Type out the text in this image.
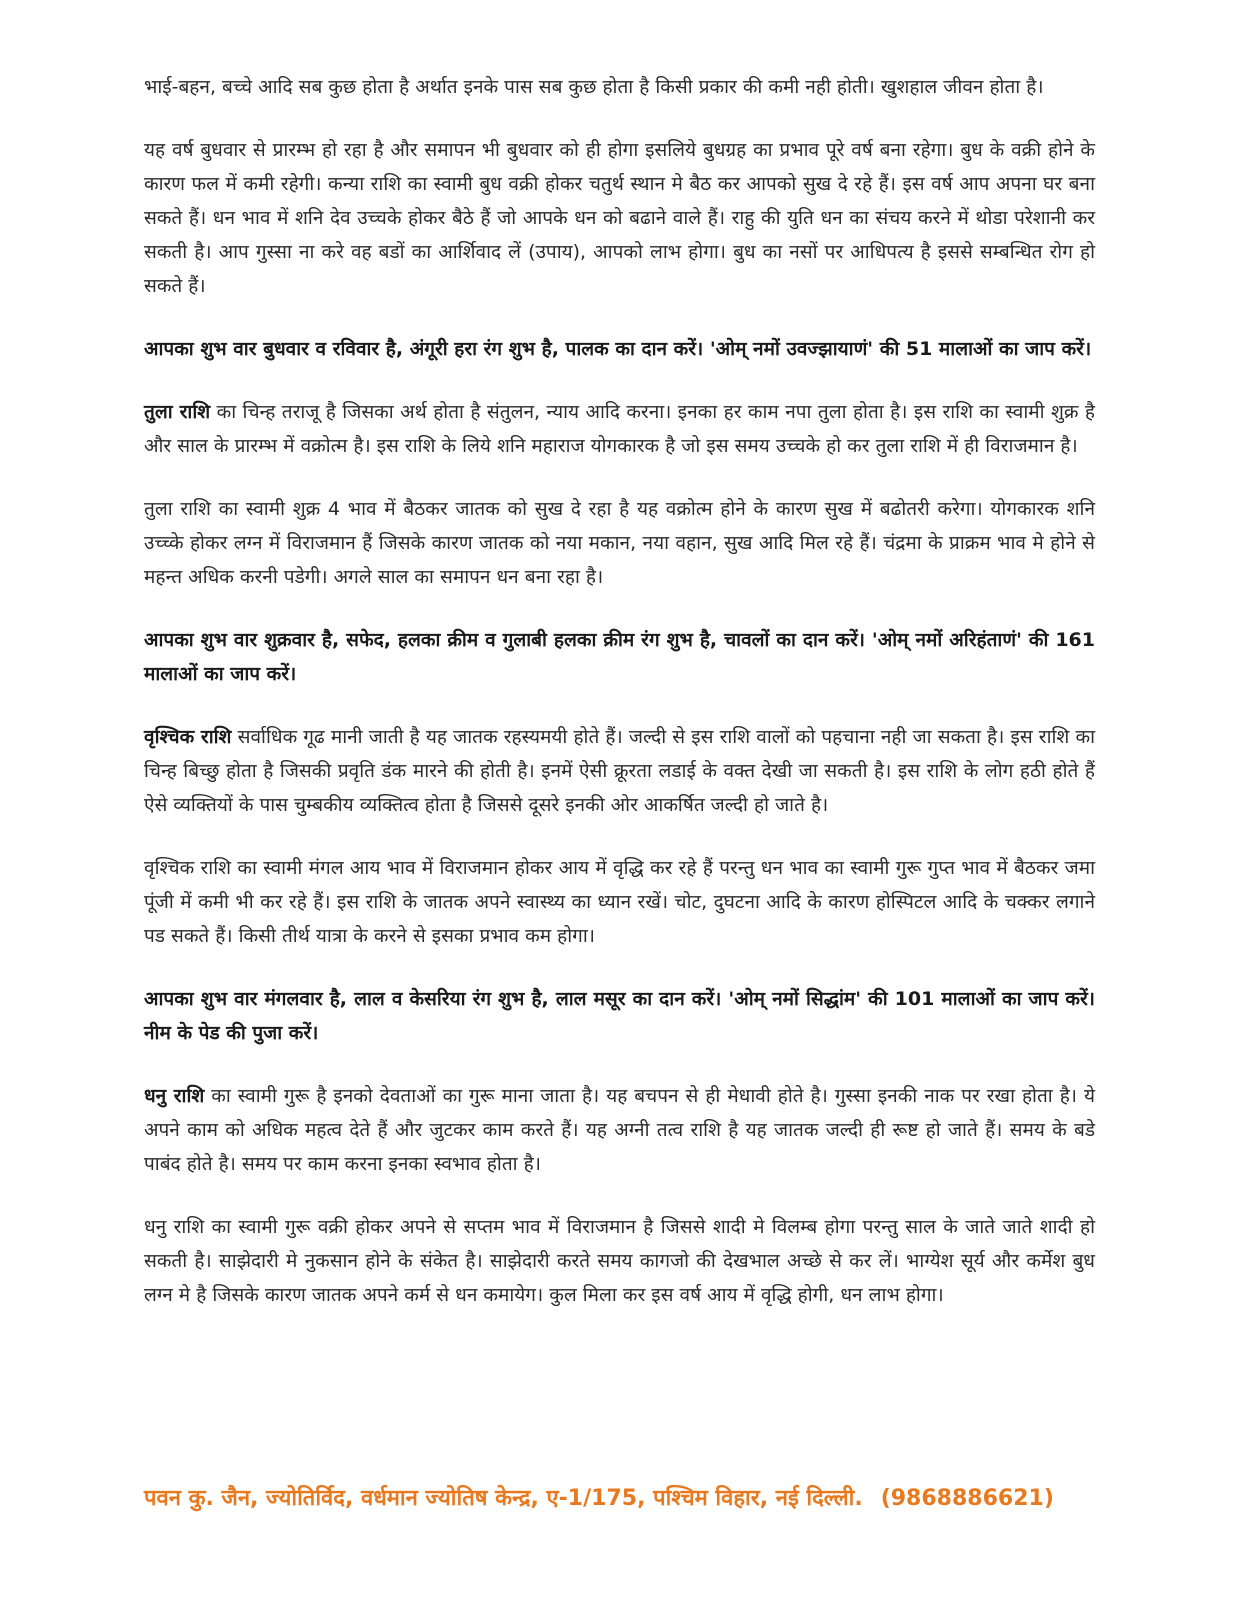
भाई-बहन, बच्चे आदि सब कुछ होता है अर्थात इनके पास सब कुछ होता है किसी प्रकार की कमी नही होती। खुशहाल जीवन होता है।

यह वर्ष बुधवार से प्रारम्भ हो रहा है और समापन भी बुधवार को ही होगा इसलिये बुधग्रह का प्रभाव पूरे वर्ष बना रहेगा। बुध के वक्री होने के कारण फल में कमी रहेगी। कन्या राशि का स्वामी बुध वक्री होकर चतुर्थ स्थान मे बैठ कर आपको सुख दे रहे हैं। इस वर्ष आप अपना घर बना सकते हैं। धन भाव में शनि देव उच्चके होकर बैठे हैं जो आपके धन को बढाने वाले हैं। राहु की युति धन का संचय करने में थोडा परेशानी कर सकती है। आप गुस्सा ना करे वह बडों का आर्शिवाद लें (उपाय), आपको लाभ होगा। बुध का नसों पर आधिपत्य है इससे सम्बन्धित रोग हो सकते हैं।

आपका शुभ वार बुधवार व रविवार है, अंगूरी हरा रंग शुभ है, पालक का दान करें। 'ओम् नमों उवज्झायाणं' की 51 मालाओं का जाप करें।

तुला राशि का चिन्ह तराजू है जिसका अर्थ होता है संतुलन, न्याय आदि करना। इनका हर काम नपा तुला होता है। इस राशि का स्वामी शुक्र है और साल के प्रारम्भ में वक्रोत्म है। इस राशि के लिये शनि महाराज योगकारक है जो इस समय उच्चके हो कर तुला राशि में ही विराजमान है।

तुला राशि का स्वामी शुक्र 4 भाव में बैठकर जातक को सुख दे रहा है यह वक्रोत्म होने के कारण सुख में बढोतरी करेगा। योगकारक शनि उच्च्के होकर लग्न में विराजमान हैं जिसके कारण जातक को नया मकान, नया वहान, सुख आदि मिल रहे हैं। चंद्रमा के प्राक्रम भाव मे होने से महन्त अधिक करनी पडेगी। अगले साल का समापन धन बना रहा है।

आपका शुभ वार शुक्रवार है, सफेद, हलका क्रीम व गुलाबी हलका क्रीम रंग शुभ है, चावलों का दान करें। 'ओम् नमों अरिहंताणं' की 161 मालाओं का जाप करें।

वृश्चिक राशि सर्वाधिक गूढ मानी जाती है यह जातक रहस्यमयी होते हैं। जल्दी से इस राशि वालों को पहचाना नही जा सकता है। इस राशि का चिन्ह बिच्छु होता है जिसकी प्रवृति डंक मारने की होती है। इनमें ऐसी क्रूरता लडाई के वक्त देखी जा सकती है। इस राशि के लोग हठी होते हैं ऐसे व्यक्तियों के पास चुम्बकीय व्यक्तित्व होता है जिससे दूसरे इनकी ओर आकर्षित जल्दी हो जाते है।

वृश्चिक राशि का स्वामी मंगल आय भाव में विराजमान होकर आय में वृद्धि कर रहे हैं परन्तु धन भाव का स्वामी गुरू गुप्त भाव में बैठकर जमा पूंजी में कमी भी कर रहे हैं। इस राशि के जातक अपने स्वास्थ्य का ध्यान रखें। चोट, दुघटना आदि के कारण होस्पिटल आदि के चक्कर लगाने पड सकते हैं। किसी तीर्थ यात्रा के करने से इसका प्रभाव कम होगा।

आपका शुभ वार मंगलवार है, लाल व केसरिया रंग शुभ है, लाल मसूर का दान करें। 'ओम् नमों सिद्धांम' की 101 मालाओं का जाप करें। नीम के पेड की पुजा करें।

धनु राशि का स्वामी गुरू है इनको देवताओं का गुरू माना जाता है। यह बचपन से ही मेधावी होते है। गुस्सा इनकी नाक पर रखा होता है। ये अपने काम को अधिक महत्व देते हैं और जुटकर काम करते हैं। यह अग्नी तत्व राशि है यह जातक जल्दी ही रूष्ट हो जाते हैं। समय के बडे पाबंद होते है। समय पर काम करना इनका स्वभाव होता है।

धनु राशि का स्वामी गुरू वक्री होकर अपने से सप्तम भाव में विराजमान है जिससे शादी मे विलम्ब होगा परन्तु साल के जाते जाते शादी हो सकती है। साझेदारी मे नुकसान होने के संकेत है। साझेदारी करते समय कागजो की देखभाल अच्छे से कर लें। भाग्येश सूर्य और कर्मेश बुध लग्न मे है जिसके कारण जातक अपने कर्म से धन कमायेग। कुल मिला कर इस वर्ष आय में वृद्धि होगी, धन लाभ होगा।

पवन कु. जैन, ज्योतिर्विद, वर्धमान ज्योतिष केन्द्र, ए-1/175, पश्चिम विहार, नई दिल्ली. (9868886621)
